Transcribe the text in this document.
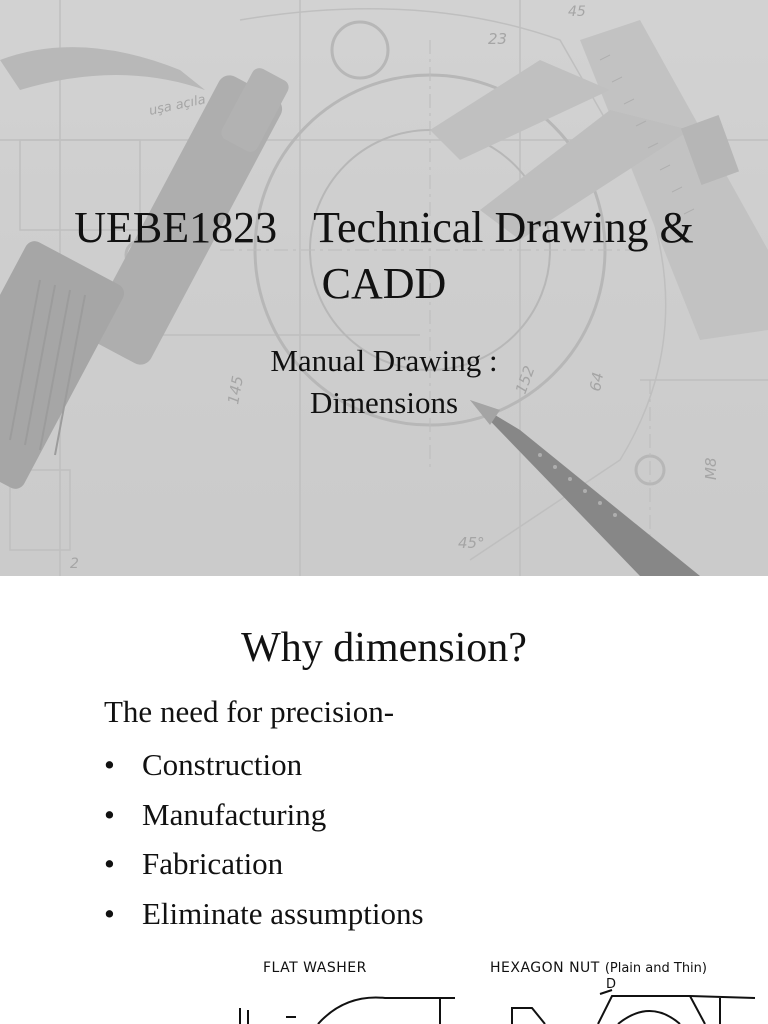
23
45
145	152	64
M8
45°
2
uşa açıla
UEBE1823 Technical Drawing &
CADD
Manual Drawing :
Dimensions
Why dimension?
The need for precision-
• Construction
• Manufacturing
• Fabrication
• Eliminate assumptions
FLAT WASHER	HEXAGON NUT (Plain and Thin)
D
